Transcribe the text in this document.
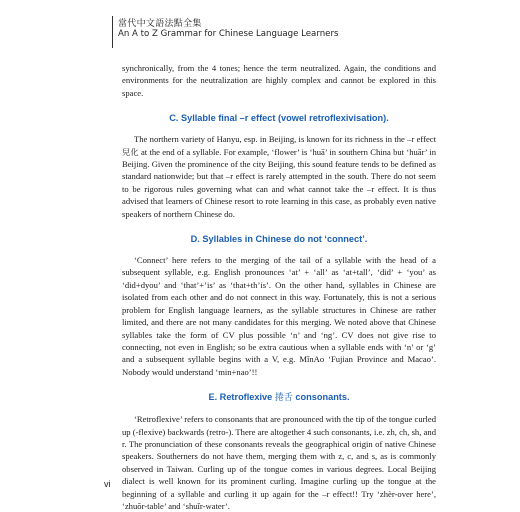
當代中文語法點全集
An A to Z Grammar for Chinese Language Learners

synchronically, from the 4 tones; hence the term neutralized. Again, the conditions and environments for the neutralization are highly complex and cannot be explored in this space.

C. Syllable final –r effect (vowel retroflexivisation).

The northern variety of Hanyu, esp. in Beijing, is known for its richness in the –r effect 兒化 at the end of a syllable. For example, ‘flower’ is ‘huā’ in southern China but ‘huār’ in Beijing. Given the prominence of the city Beijing, this sound feature tends to be defined as standard nationwide; but that –r effect is rarely attempted in the south. There do not seem to be rigorous rules governing what can and what cannot take the –r effect. It is thus advised that learners of Chinese resort to rote learning in this case, as probably even native speakers of northern Chinese do.

D. Syllables in Chinese do not ‘connect’.

‘Connect’ here refers to the merging of the tail of a syllable with the head of a subsequent syllable, e.g. English pronounces ‘at’ + ‘all’ as ‘at+tall’, ‘did’ + ‘you’ as ‘did+dyou’ and ‘that’+’is’ as ‘that+th’is’. On the other hand, syllables in Chinese are isolated from each other and do not connect in this way. Fortunately, this is not a serious problem for English language learners, as the syllable structures in Chinese are rather limited, and there are not many candidates for this merging. We noted above that Chinese syllables take the form of CV plus possible ‘n’ and ‘ng’. CV does not give rise to connecting, not even in English; so be extra cautious when a syllable ends with ‘n’ or ‘g’ and a subsequent syllable begins with a V, e.g. MǐnAo ‘Fujian Province and Macao’. Nobody would understand ‘min+nao’!!

E. Retroflexive 捲舌 consonants.

‘Retroflexive’ refers to consonants that are pronounced with the tip of the tongue curled up (-flexive) backwards (retro-). There are altogether 4 such consonants, i.e. zh, ch, sh, and r. The pronunciation of these consonants reveals the geographical origin of native Chinese speakers. Southerners do not have them, merging them with z, c, and s, as is commonly observed in Taiwan. Curling up of the tongue comes in various degrees. Local Beijing dialect is well known for its prominent curling. Imagine curling up the tongue at the beginning of a syllable and curling it up again for the –r effect!! Try ‘zhèr-over here’, ‘zhuōr-table’ and ‘shuǐr-water’.

vi
